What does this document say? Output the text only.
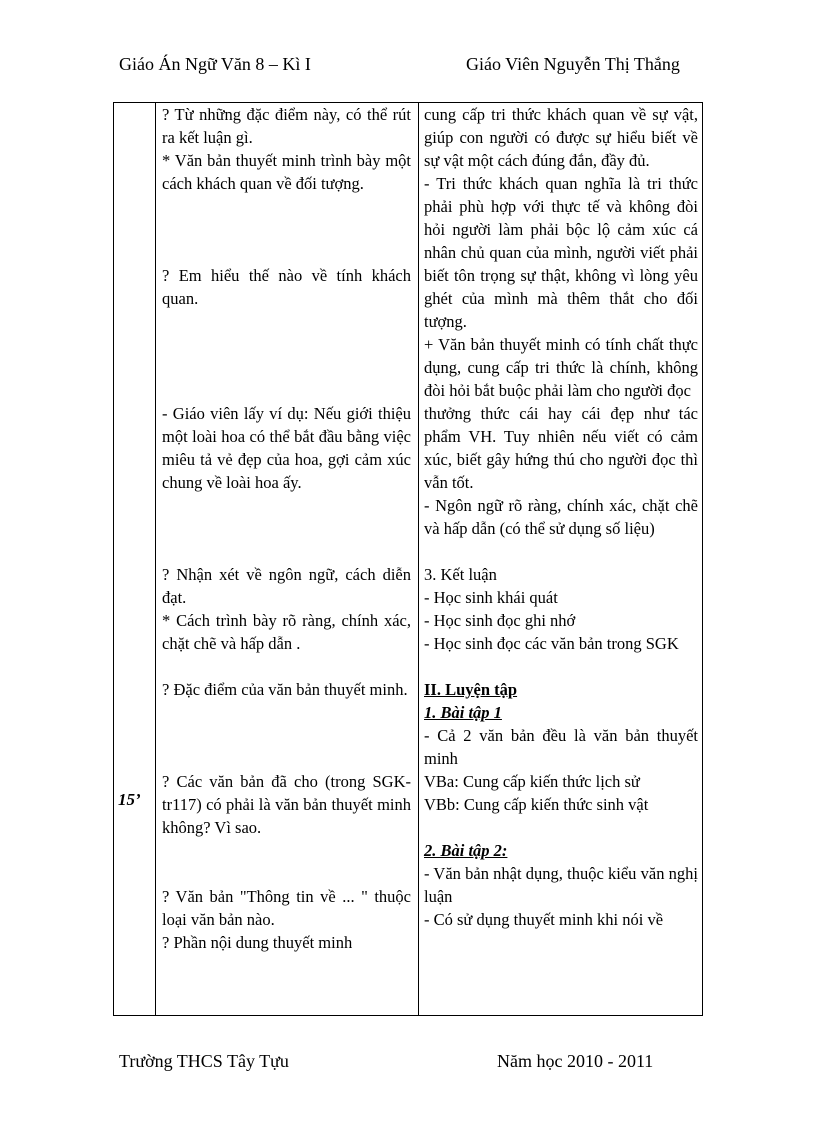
Giáo Án Ngữ Văn 8 – Kì I	Giáo Viên Nguyễn Thị Thắng
15’

? Từ những đặc điểm này, có thể rút ra kết luận gì.

* Văn bản thuyết minh trình bày một cách khách quan về đối tượng.

? Em hiểu thế nào về tính khách quan.

- Giáo viên lấy ví dụ: Nếu giới thiệu một loài hoa có thể bắt đầu bằng việc miêu tả vẻ đẹp của hoa, gợi cảm xúc chung về loài hoa ấy.

? Nhận xét về ngôn ngữ, cách diễn đạt.

* Cách trình bày rõ ràng, chính xác, chặt chẽ và hấp dẫn .

? Đặc điểm của văn bản thuyết minh.

? Các văn bản đã cho (trong SGK-tr117) có phải là văn bản thuyết minh không? Vì sao.

? Văn bản "Thông tin về ... " thuộc loại văn bản nào.

? Phần nội dung thuyết minh

cung cấp tri thức khách quan về sự vật, giúp con người có được sự hiểu biết về sự vật một cách đúng đắn, đầy đủ.

- Tri thức khách quan nghĩa là tri thức phải phù hợp với thực tế và không đòi hỏi người làm phải bộc lộ cảm xúc cá nhân chủ quan của mình, người viết phải biết tôn trọng sự thật, không vì lòng yêu ghét của mình mà thêm thắt cho đối tượng.

+ Văn bản thuyết minh có tính chất thực dụng, cung cấp tri thức là chính, không đòi hỏi bắt buộc phải làm cho người đọc

thưởng thức cái hay cái đẹp như tác phẩm VH. Tuy nhiên nếu viết có cảm xúc, biết gây hứng thú cho người đọc thì vẫn tốt.

- Ngôn ngữ rõ ràng, chính xác, chặt chẽ và hấp dẫn (có thể sử dụng số liệu)

3. Kết luận

- Học sinh khái quát

- Học sinh đọc ghi nhớ

- Học sinh đọc các văn bản trong SGK

II. Luyện tập

1. Bài tập 1

- Cả 2 văn bản đều là văn bản thuyết minh

VBa: Cung cấp kiến thức lịch sử

VBb: Cung cấp kiến thức sinh vật

2. Bài tập 2:

- Văn bản nhật dụng, thuộc kiểu văn nghị luận

- Có sử dụng thuyết minh khi nói về

Trường THCS Tây Tựu	Năm học 2010 - 2011
